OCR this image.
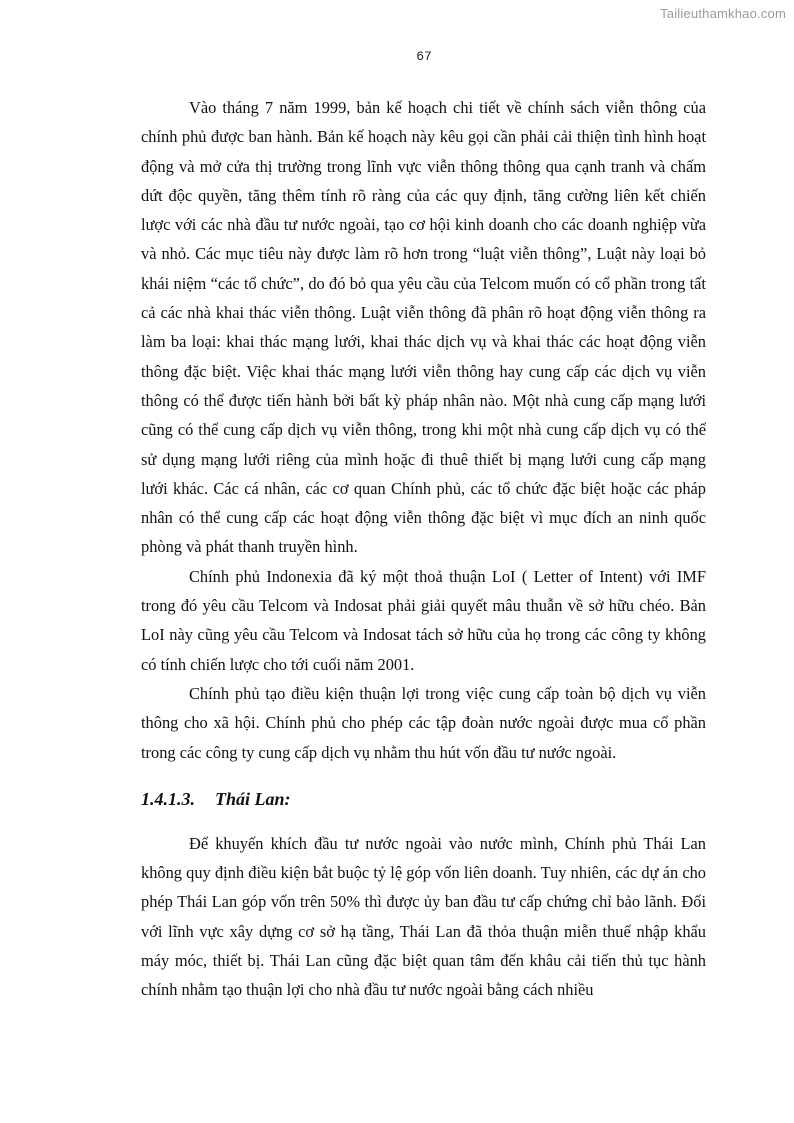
Tailieuthamkhao.com
67

Vào tháng 7 năm 1999, bản kế hoạch chi tiết về chính sách viễn thông của chính phủ được ban hành. Bản kế hoạch này kêu gọi cần phải cải thiện tình hình hoạt động và mở cửa thị trường trong lĩnh vực viễn thông thông qua cạnh tranh và chấm dứt độc quyền, tăng thêm tính rõ ràng của các quy định, tăng cường liên kết chiến lược với các nhà đầu tư nước ngoài, tạo cơ hội kinh doanh cho các doanh nghiệp vừa và nhỏ. Các mục tiêu này được làm rõ hơn trong “luật viễn thông”, Luật này loại bỏ khái niệm “các tổ chức”, do đó bỏ qua yêu cầu của Telcom muốn có cổ phần trong tất cả các nhà khai thác viễn thông. Luật viễn thông đã phân rõ hoạt động viễn thông ra làm ba loại: khai thác mạng lưới, khai thác dịch vụ và khai thác các hoạt động viễn thông đặc biệt. Việc khai thác mạng lưới viễn thông hay cung cấp các dịch vụ viễn thông có thể được tiến hành bởi bất kỳ pháp nhân nào. Một nhà cung cấp mạng lưới cũng có thể cung cấp dịch vụ viễn thông, trong khi một nhà cung cấp dịch vụ có thể sử dụng mạng lưới riêng của mình hoặc đi thuê thiết bị mạng lưới cung cấp mạng lưới khác. Các cá nhân, các cơ quan Chính phủ, các tổ chức đặc biệt hoặc các pháp nhân có thể cung cấp các hoạt động viễn thông đặc biệt vì mục đích an ninh quốc phòng và phát thanh truyền hình.

Chính phủ Indonexia đã ký một thoả thuận LoI ( Letter of Intent) với IMF trong đó yêu cầu Telcom và Indosat phải giải quyết mâu thuẫn về sở hữu chéo. Bản LoI này cũng yêu cầu Telcom và Indosat tách sở hữu của họ trong các công ty không có tính chiến lược cho tới cuối năm 2001.

Chính phủ tạo điều kiện thuận lợi trong việc cung cấp toàn bộ dịch vụ viễn thông cho xã hội. Chính phủ cho phép các tập đoàn nước ngoài được mua cổ phần trong các công ty cung cấp dịch vụ nhằm thu hút vốn đầu tư nước ngoài.

1.4.1.3. Thái Lan:

Để khuyến khích đầu tư nước ngoài vào nước mình, Chính phủ Thái Lan không quy định điều kiện bắt buộc tỷ lệ góp vốn liên doanh. Tuy nhiên, các dự án cho phép Thái Lan góp vốn trên 50% thì được ủy ban đầu tư cấp chứng chỉ bảo lãnh. Đối với lĩnh vực xây dựng cơ sở hạ tầng, Thái Lan đã thỏa thuận miễn thuế nhập khẩu máy móc, thiết bị. Thái Lan cũng đặc biệt quan tâm đến khâu cải tiến thủ tục hành chính nhằm tạo thuận lợi cho nhà đầu tư nước ngoài bằng cách nhiều
